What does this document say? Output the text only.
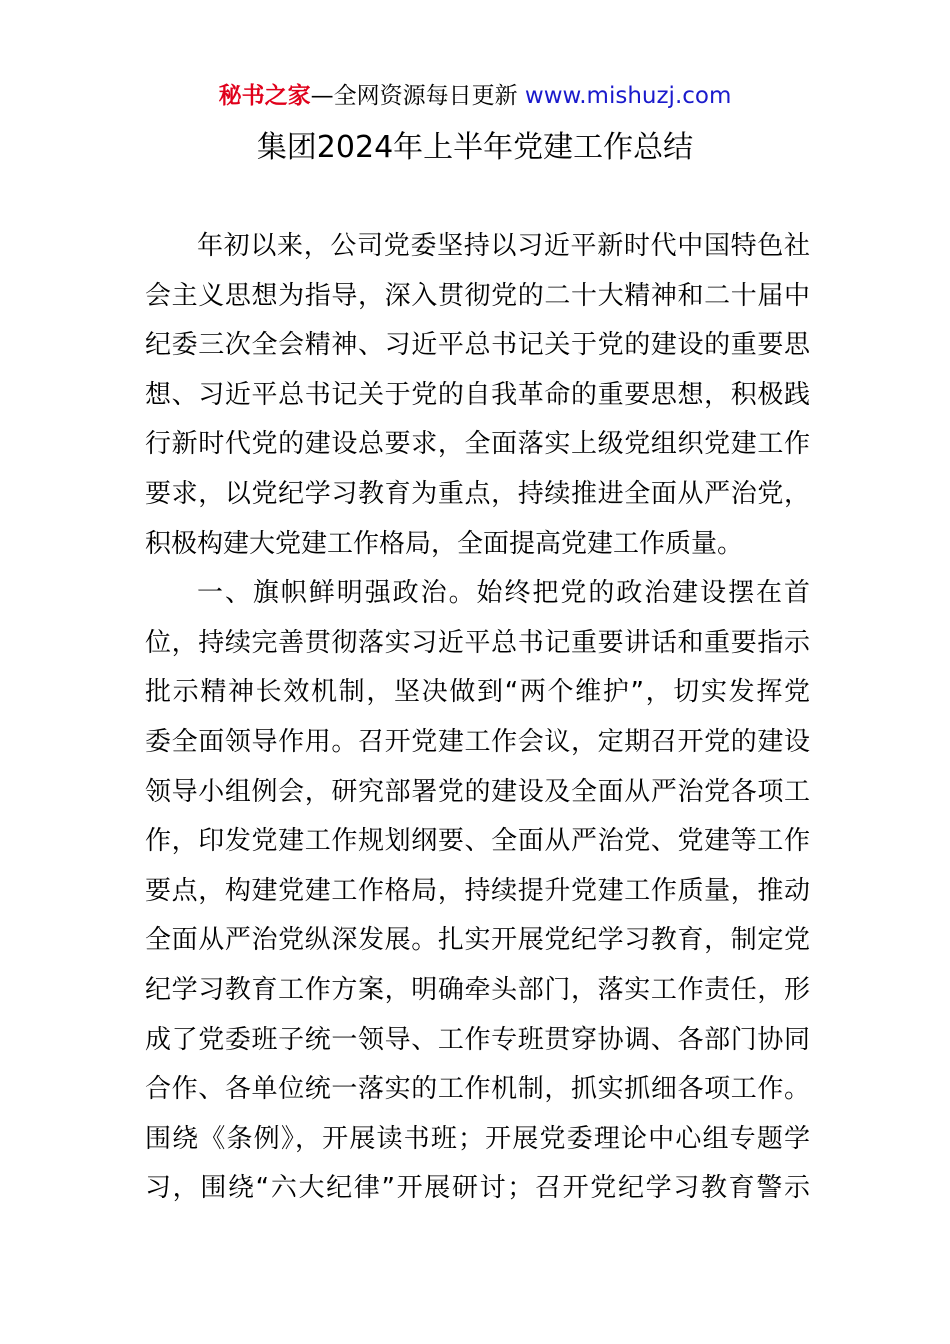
秘书之家—全网资源每日更新 www.mishuzj.com
集团2024年上半年党建工作总结
年初以来，公司党委坚持以习近平新时代中国特色社
会主义思想为指导，深入贯彻党的二十大精神和二十届中
纪委三次全会精神、习近平总书记关于党的建设的重要思
想、习近平总书记关于党的自我革命的重要思想，积极践
行新时代党的建设总要求，全面落实上级党组织党建工作
要求，以党纪学习教育为重点，持续推进全面从严治党，
积极构建大党建工作格局，全面提高党建工作质量。
一、旗帜鲜明强政治。始终把党的政治建设摆在首
位，持续完善贯彻落实习近平总书记重要讲话和重要指示
批示精神长效机制，坚决做到“两个维护”，切实发挥党
委全面领导作用。召开党建工作会议，定期召开党的建设
领导小组例会，研究部署党的建设及全面从严治党各项工
作，印发党建工作规划纲要、全面从严治党、党建等工作
要点，构建党建工作格局，持续提升党建工作质量，推动
全面从严治党纵深发展。扎实开展党纪学习教育，制定党
纪学习教育工作方案，明确牵头部门，落实工作责任，形
成了党委班子统一领导、工作专班贯穿协调、各部门协同
合作、各单位统一落实的工作机制，抓实抓细各项工作。
围绕《条例》，开展读书班；开展党委理论中心组专题学
习，围绕“六大纪律”开展研讨；召开党纪学习教育警示
